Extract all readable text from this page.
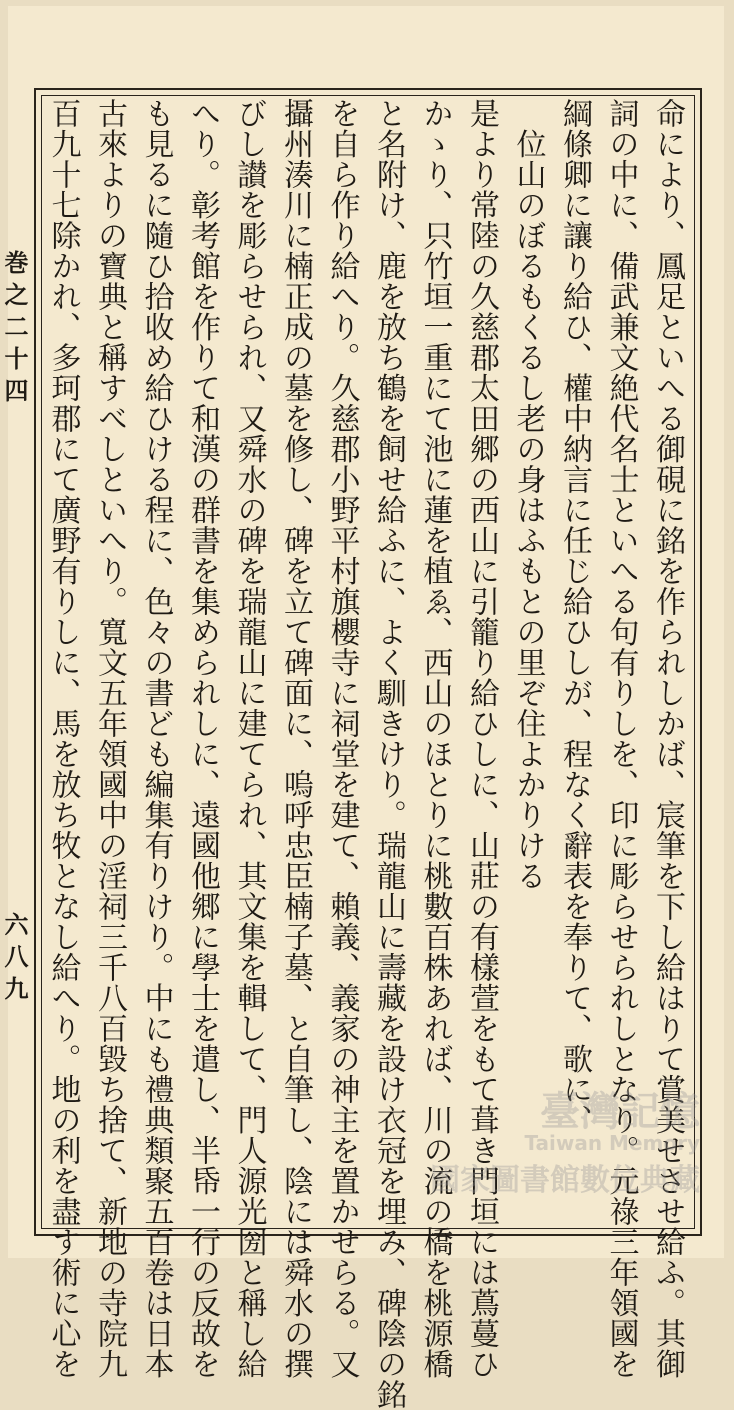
巻之二十四
六八九	命により、鳳足といへる御硯に銘を作られしかば、宸筆を下し給はりて賞美せさせ給ふ。其御
詞の中に、備武兼文絶代名士といへる句有りしを、印に彫らせられしとなり。元祿三年領國を
綱條卿に讓り給ひ、權中納言に任じ給ひしが、程なく辭表を奉りて、歌に、
　位山のぼるもくるし老の身はふもとの里ぞ住よかりける
是より常陸の久慈郡太田郷の西山に引籠り給ひしに、山莊の有樣萱をもて葺き門垣には蔦蔓ひ
かゝり、只竹垣一重にて池に蓮を植ゑ、西山のほとりに桃數百株あれば、川の流の橋を桃源橋
と名附け、鹿を放ち鶴を飼せ給ふに、よく馴きけり。瑞龍山に壽藏を設け衣冠を埋み、碑陰の銘
を自ら作り給へり。久慈郡小野平村旗櫻寺に祠堂を建て、賴義、義家の神主を置かせらる。又
攝州湊川に楠正成の墓を修し、碑を立て碑面に、嗚呼忠臣楠子墓、と自筆し、陰には舜水の撰
びし讃を彫らせられ、又舜水の碑を瑞龍山に建てられ、其文集を輯して、門人源光圀と稱し給
へり。彰考館を作りて和漢の群書を集められしに、遠國他郷に學士を遣し、半帋一行の反故を
も見るに隨ひ拾收め給ひける程に、色々の書ども編集有りけり。中にも禮典類聚五百卷は日本
古來よりの寶典と稱すべしといへり。寬文五年領國中の淫祠三千八百毀ち捨て、新地の寺院九
百九十七除かれ、多珂郡にて廣野有りしに、馬を放ち牧となし給へり。地の利を盡す術に心を	臺灣記憶
Taiwan Memory
國家圖書館數位典藏
